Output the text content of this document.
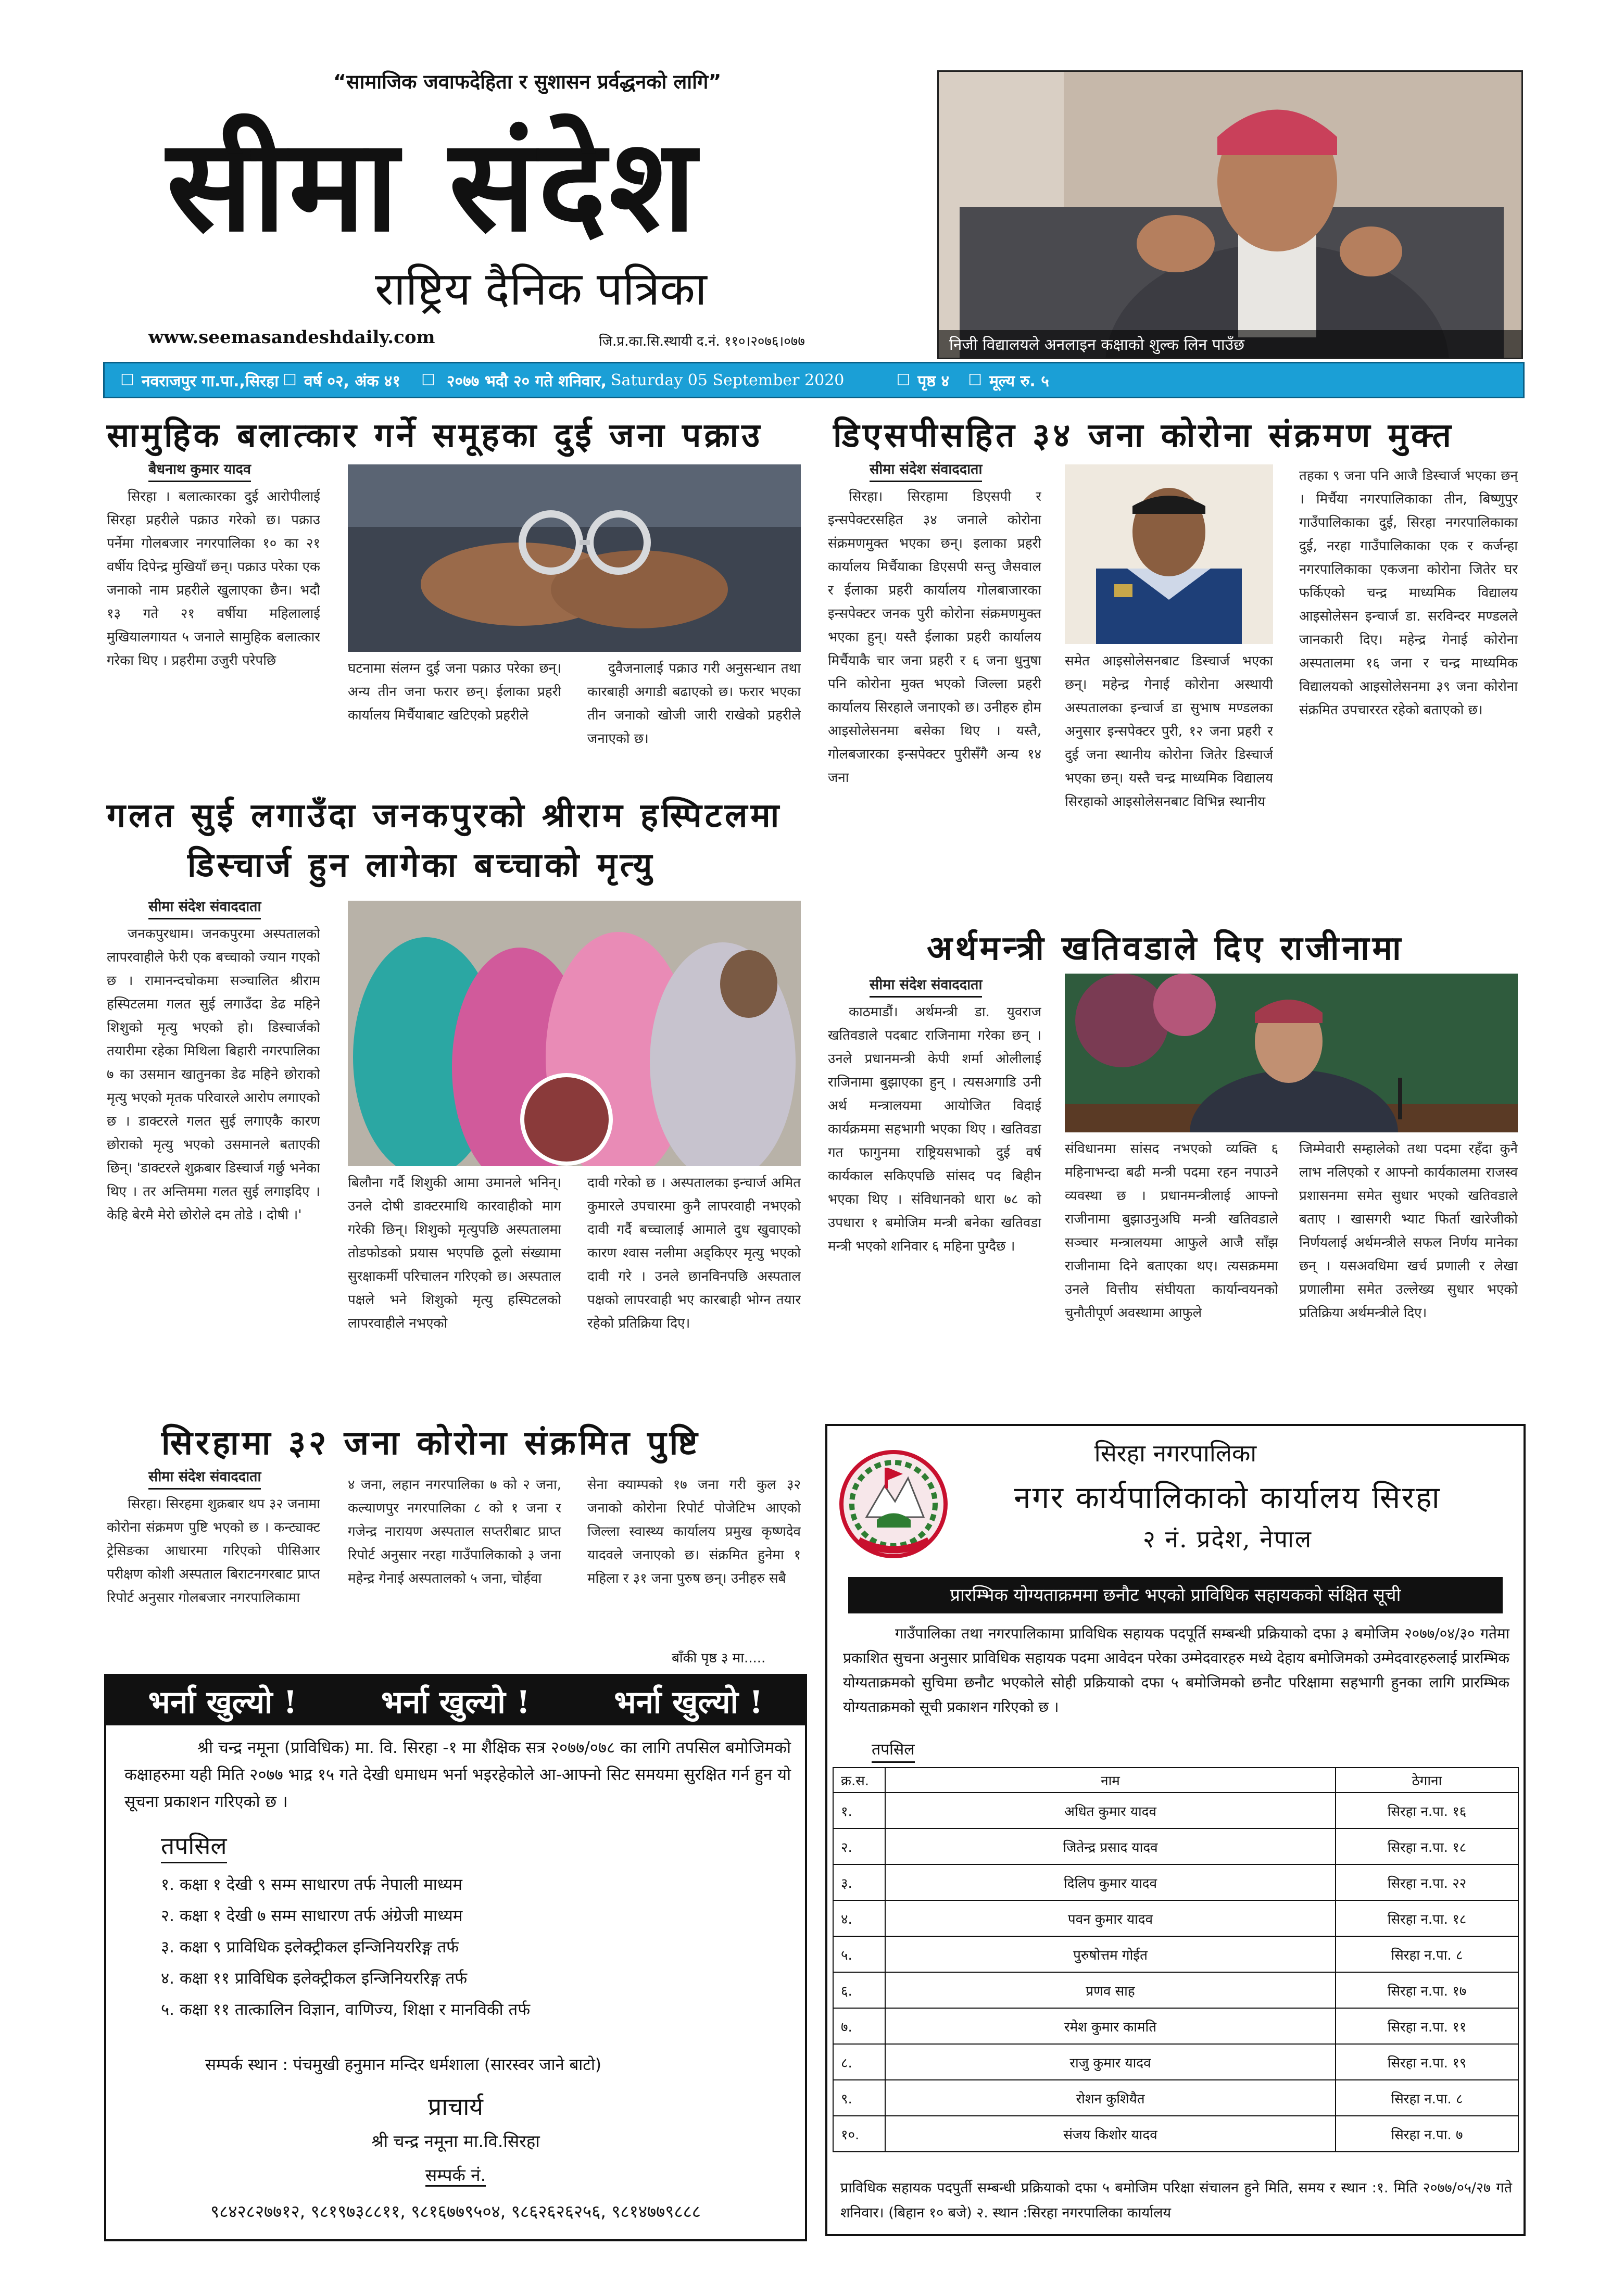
“सामाजिक जवाफदेहिता र सुशासन प्रर्वद्धनको लागि”
सीमा संदेश
राष्ट्रिय दैनिक पत्रिका
www.seemasandeshdaily.com	जि.प्र.का.सि.स्थायी द.नं. ११०।२०७६।०७७	निजी विद्यालयले अनलाइन कक्षाको शुल्क लिन पाउँछ
☐ नवराजपुर गा.पा.,सिरहा ☐ वर्ष ०२, अंक ४१ ☐ २०७७ भदौ २० गते शनिवार, Saturday 05 September 2020	☐ पृष्ठ ४ ☐ मूल्य रु. ५
सामुहिक बलात्कार गर्ने समूहका दुई जना पक्राउ
बैधनाथ कुमार यादव

सिरहा । बलात्कारका दुई आरोपीलाई सिरहा प्रहरीले पक्राउ गरेको छ। पक्राउ पर्नेमा गोलबजार नगरपालिका १० का २१ वर्षीय दिपेन्द्र मुखियाँ छन्। पक्राउ परेका एक जनाको नाम प्रहरीले खुलाएका छैन। भदौ १३ गते २१ वर्षीया महिलालाई मुखियालगायत ५ जनाले सामुहिक बलात्कार गरेका थिए । प्रहरीमा उजुरी परेपछि	घटनामा संलग्न दुई जना पक्राउ परेका छन्। अन्य तीन जना फरार छन्। ईलाका प्रहरी कार्यालय मिर्चैयाबाट खटिएको प्रहरीले

दुवैजनालाई पक्राउ गरी अनुसन्धान तथा कारबाही अगाडी बढाएको छ। फरार भएका तीन जनाको खोजी जारी राखेको प्रहरीले जनाएको छ।

गलत सुई लगाउँदा जनकपुरको श्रीराम हस्पिटलमा
डिस्चार्ज हुन लागेका बच्चाको मृत्यु
सीमा संदेश संवाददाता

जनकपुरधाम। जनकपुरमा अस्पतालको लापरवाहीले फेरी एक बच्चाको ज्यान गएको छ । रामानन्दचोकमा सञ्चालित श्रीराम हस्पिटलमा गलत सुई लगाउँदा डेढ महिने शिशुको मृत्यु भएको हो। डिस्चार्जको तयारीमा रहेका मिथिला बिहारी नगरपालिका ७ का उसमान खातुनका डेढ महिने छोराको मृत्यु भएको मृतक परिवारले आरोप लगाएको छ । डाक्टरले गलत सुई लगाएकै कारण छोराको मृत्यु भएको उसमानले बताएकी छिन्। 'डाक्टरले शुक्रबार डिस्चार्ज गर्छु भनेका थिए । तर अन्तिममा गलत सुई लगाइदिए । केहि बेरमै मेरो छोरोले दम तोडे । दोषी ।'

बिलौना गर्दै शिशुकी आमा उमानले भनिन्। उनले दोषी डाक्टरमाथि कारवाहीको माग गरेकी छिन्। शिशुको मृत्युपछि अस्पतालमा तोडफोडको प्रयास भएपछि ठूलो संख्यामा सुरक्षाकर्मी परिचालन गरिएको छ। अस्पताल पक्षले भने शिशुको मृत्यु हस्पिटलको लापरवाहीले नभएको

दावी गरेको छ । अस्पतालका इन्चार्ज अमित कुमारले उपचारमा कुनै लापरवाही नभएको दावी गर्दै बच्चालाई आमाले दुध खुवाएको कारण श्वास नलीमा अड्किएर मृत्यु भएको दावी गरे । उनले छानविनपछि अस्पताल पक्षको लापरवाही भए कारबाही भोग्न तयार रहेको प्रतिक्रिया दिए।

सिरहामा ३२ जना कोरोना संक्रमित पुष्टि
सीमा संदेश संवाददाता

सिरहा। सिरहमा शुक्रबार थप ३२ जनामा कोरोना संक्रमण पुष्टि भएको छ । कन्ट्याक्ट ट्रेसिङका आधारमा गरिएको पीसिआर परीक्षण कोशी अस्पताल बिराटनगरबाट प्राप्त रिपोर्ट अनुसार गोलबजार नगरपालिकामा

४ जना, लहान नगरपालिका ७ को २ जना, कल्याणपुर नगरपालिका ८ को १ जना र गजेन्द्र नारायण अस्पताल सप्तरीबाट प्राप्त रिपोर्ट अनुसार नरहा गाउँपालिकाको ३ जना महेन्द्र गेनाई अस्पतालको ५ जना, चोर्हवा

सेना क्याम्पको १७ जना गरी कुल ३२ जनाको कोरोना रिपोर्ट पोजेटिभ आएको जिल्ला स्वास्थ्य कार्यालय प्रमुख कृष्णदेव यादवले जनाएको छ। संक्रमित हुनेमा १ महिला र ३१ जना पुरुष छन्। उनीहरु सबै

बाँकी पृष्ठ ३ मा.....
डिएसपीसहित ३४ जना कोरोना संक्रमण मुक्त
सीमा संदेश संवाददाता

सिरहा। सिरहामा डिएसपी र इन्सपेक्टरसहित ३४ जनाले कोरोना संक्रमणमुक्त भएका छन्। इलाका प्रहरी कार्यालय मिर्चैयाका डिएसपी सन्तु जैसवाल र ईलाका प्रहरी कार्यालय गोलबाजारका इन्सपेक्टर जनक पुरी कोरोना संक्रमणमुक्त भएका हुन्। यस्तै ईलाका प्रहरी कार्यालय मिर्चैयाकै चार जना प्रहरी र ६ जना धुनुषा पनि कोरोना मुक्त भएको जिल्ला प्रहरी कार्यालय सिरहाले जनाएको छ। उनीहरु होम आइसोलेसनमा बसेका थिए । यस्तै, गोलबजारका इन्सपेक्टर पुरीसँगै अन्य १४ जना

समेत आइसोलेसनबाट डिस्चार्ज भएका छन्। महेन्द्र गेनाई कोरोना अस्थायी अस्पतालका इन्चार्ज डा सुभाष मण्डलका अनुसार इन्सपेक्टर पुरी, १२ जना प्रहरी र दुई जना स्थानीय कोरोना जितेर डिस्चार्ज भएका छन्। यस्तै चन्द्र माध्यमिक विद्यालय सिरहाको आइसोलेसनबाट विभिन्न स्थानीय

तहका ९ जना पनि आजै डिस्चार्ज भएका छन् । मिर्चैया नगरपालिकाका तीन, बिष्णुपुर गाउँपालिकाका दुई, सिरहा नगरपालिकाका दुई, नरहा गाउँपालिकाका एक र कर्जन्हा नगरपालिकाका एकजना कोरोना जितेर घर फर्किएको चन्द्र माध्यमिक विद्यालय आइसोलेसन इन्चार्ज डा. सरविन्दर मण्डलले जानकारी दिए। महेन्द्र गेनाई कोरोना अस्पतालमा १६ जना र चन्द्र माध्यमिक विद्यालयको आइसोलेसनमा ३९ जना कोरोना संक्रमित उपचाररत रहेको बताएको छ।

अर्थमन्त्री खतिवडाले दिए राजीनामा
सीमा संदेश संवाददाता

काठमाडौं। अर्थमन्त्री डा. युवराज खतिवडाले पदबाट राजिनामा गरेका छन् । उनले प्रधानमन्त्री केपी शर्मा ओलीलाई राजिनामा बुझाएका हुन् । त्यसअगाडि उनी अर्थ मन्त्रालयमा आयोजित विदाई कार्यक्रममा सहभागी भएका थिए । खतिवडा गत फागुनमा राष्ट्रियसभाको दुई वर्ष कार्यकाल सकिएपछि सांसद पद बिहीन भएका थिए । संविधानको धारा ७८ को उपधारा १ बमोजिम मन्त्री बनेका खतिवडा मन्त्री भएको शनिवार ६ महिना पुग्दैछ ।

संविधानमा सांसद नभएको व्यक्ति ६ महिनाभन्दा बढी मन्त्री पदमा रहन नपाउने व्यवस्था छ । प्रधानमन्त्रीलाई आफ्नो राजीनामा बुझाउनुअघि मन्त्री खतिवडाले सञ्चार मन्त्रालयमा आफुले आजै साँझ राजीनामा दिने बताएका थए। त्यसक्रममा उनले वित्तीय संघीयता कार्यान्वयनको चुनौतीपूर्ण अवस्थामा आफुले

जिम्मेवारी सम्हालेको तथा पदमा रहँदा कुनै लाभ नलिएको र आफ्नो कार्यकालमा राजस्व प्रशासनमा समेत सुधार भएको खतिवडाले बताए । खासगरी भ्याट फिर्ता खारेजीको निर्णयलाई अर्थमन्त्रीले सफल निर्णय मानेका छन् । यसअवधिमा खर्च प्रणाली र लेखा प्रणालीमा समेत उल्लेख्य सुधार भएको प्रतिक्रिया अर्थमन्त्रीले दिए।

भर्ना खुल्यो !	भर्ना खुल्यो !	भर्ना खुल्यो !
श्री चन्द्र नमूना (प्राविधिक) मा. वि. सिरहा -१ मा शैक्षिक सत्र २०७७/०७८ का लागि तपसिल बमोजिमको कक्षाहरुमा यही मिति २०७७ भाद्र १५ गते देखी धमाधम भर्ना भइरहेकोले आ-आफ्नो सिट समयमा सुरक्षित गर्न हुन यो सूचना प्रकाशन गरिएको छ ।
तपसिल
१. कक्षा १ देखी ९ सम्म साधारण तर्फ नेपाली माध्यम
२. कक्षा १ देखी ७ सम्म साधारण तर्फ अंग्रेजी माध्यम
३. कक्षा ९ प्राविधिक इलेक्ट्रीकल इन्जिनियररिङ्ग तर्फ
४. कक्षा ११ प्राविधिक इलेक्ट्रीकल इन्जिनियररिङ्ग तर्फ
५. कक्षा ११ तात्कालिन विज्ञान, वाणिज्य, शिक्षा र मानविकी तर्फ
सम्पर्क स्थान : पंचमुखी हनुमान मन्दिर धर्मशाला (सारस्वर जाने बाटो)
प्राचार्य
श्री चन्द्र नमूना मा.वि.सिरहा
सम्पर्क नं.
९८४२८२७७१२, ९८१९७३८८११, ९८१६७७९५०४, ९८६२६२६२५६, ९८१४७७९८८८
सिरहा नगरपालिका
नगर कार्यपालिकाको कार्यालय सिरहा
२ नं. प्रदेश, नेपाल
प्रारम्भिक योग्यताक्रममा छनौट भएको प्राविधिक सहायकको संक्षित सूची
गाउँपालिका तथा नगरपालिकामा प्राविधिक सहायक पदपूर्ति सम्बन्धी प्रक्रियाको दफा ३ बमोजिम २०७७/०४/३० गतेमा प्रकाशित सुचना अनुसार प्राविधिक सहायक पदमा आवेदन परेका उम्मेदवारहरु मध्ये देहाय बमोजिमको उम्मेदवारहरुलाई प्रारम्भिक योग्यताक्रमको सुचिमा छनौट भएकोले सोही प्रक्रियाको दफा ५ बमोजिमको छनौट परिक्षामा सहभागी हुनका लागि प्रारम्भिक योग्यताक्रमको सूची प्रकाशन गरिएको छ ।
तपसिल
क्र.स.	नाम	ठेगाना
१.	अधित कुमार यादव	सिरहा न.पा. १६
२.	जितेन्द्र प्रसाद यादव	सिरहा न.पा. १८
३.	दिलिप कुमार यादव	सिरहा न.पा. २२
४.	पवन कुमार यादव	सिरहा न.पा. १८
५.	पुरुषोत्तम गोईत	सिरहा न.पा. ८
६.	प्रणव साह	सिरहा न.पा. १७
७.	रमेश कुमार कामति	सिरहा न.पा. ११
८.	राजु कुमार यादव	सिरहा न.पा. १९
९.	रोशन कुशियैत	सिरहा न.पा. ८
१०.	संजय किशोर यादव	सिरहा न.पा. ७
प्राविधिक सहायक पदपुर्ती सम्बन्धी प्रक्रियाको दफा ५ बमोजिम परिक्षा संचालन हुने मिति, समय र स्थान :१. मिति २०७७/०५/२७ गते शनिवार। (बिहान १० बजे) २. स्थान :सिरहा नगरपालिका कार्यालय
